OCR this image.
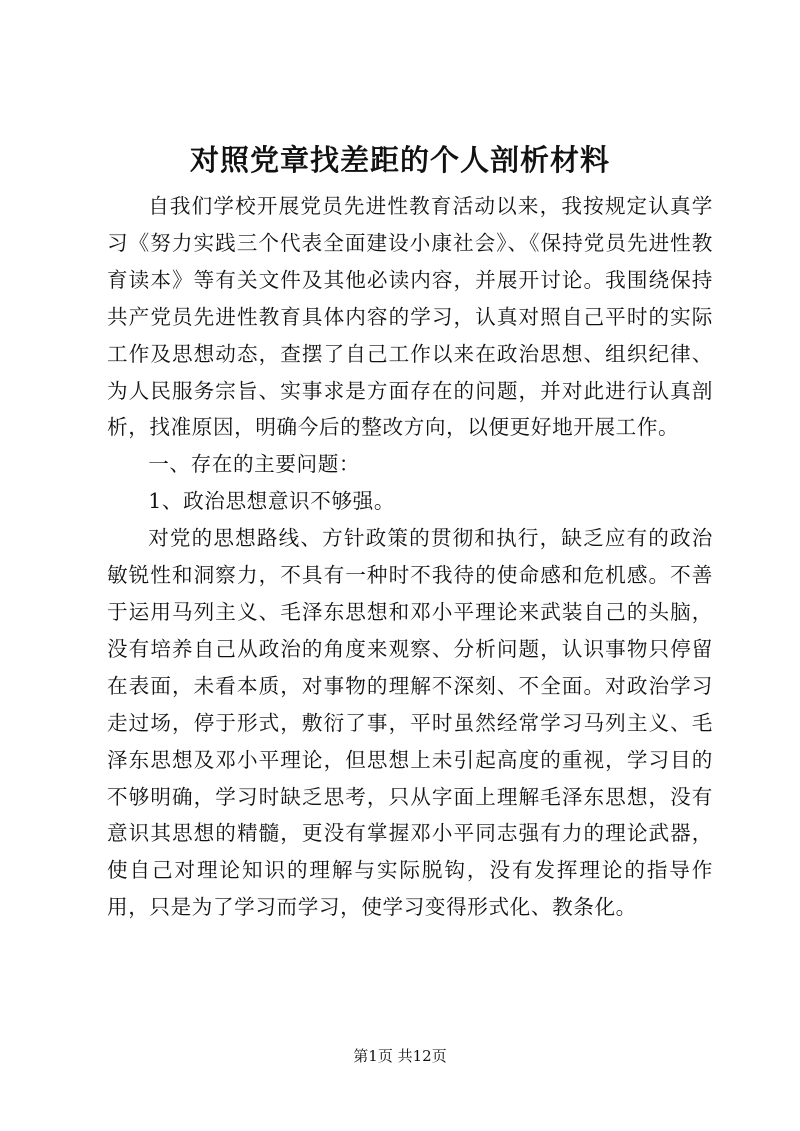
对照党章找差距的个人剖析材料

自我们学校开展党员先进性教育活动以来，我按规定认真学习《努力实践三个代表全面建设小康社会》、《保持党员先进性教育读本》等有关文件及其他必读内容，并展开讨论。我围绕保持共产党员先进性教育具体内容的学习，认真对照自己平时的实际工作及思想动态，查摆了自己工作以来在政治思想、组织纪律、为人民服务宗旨、实事求是方面存在的问题，并对此进行认真剖析，找准原因，明确今后的整改方向，以便更好地开展工作。

一、存在的主要问题：

1、政治思想意识不够强。

对党的思想路线、方针政策的贯彻和执行，缺乏应有的政治敏锐性和洞察力，不具有一种时不我待的使命感和危机感。不善于运用马列主义、毛泽东思想和邓小平理论来武装自己的头脑，没有培养自己从政治的角度来观察、分析问题，认识事物只停留在表面，未看本质，对事物的理解不深刻、不全面。对政治学习走过场，停于形式，敷衍了事，平时虽然经常学习马列主义、毛泽东思想及邓小平理论，但思想上未引起高度的重视，学习目的不够明确，学习时缺乏思考，只从字面上理解毛泽东思想，没有意识其思想的精髓，更没有掌握邓小平同志强有力的理论武器，使自己对理论知识的理解与实际脱钩，没有发挥理论的指导作用，只是为了学习而学习，使学习变得形式化、教条化。

第1页 共12页
